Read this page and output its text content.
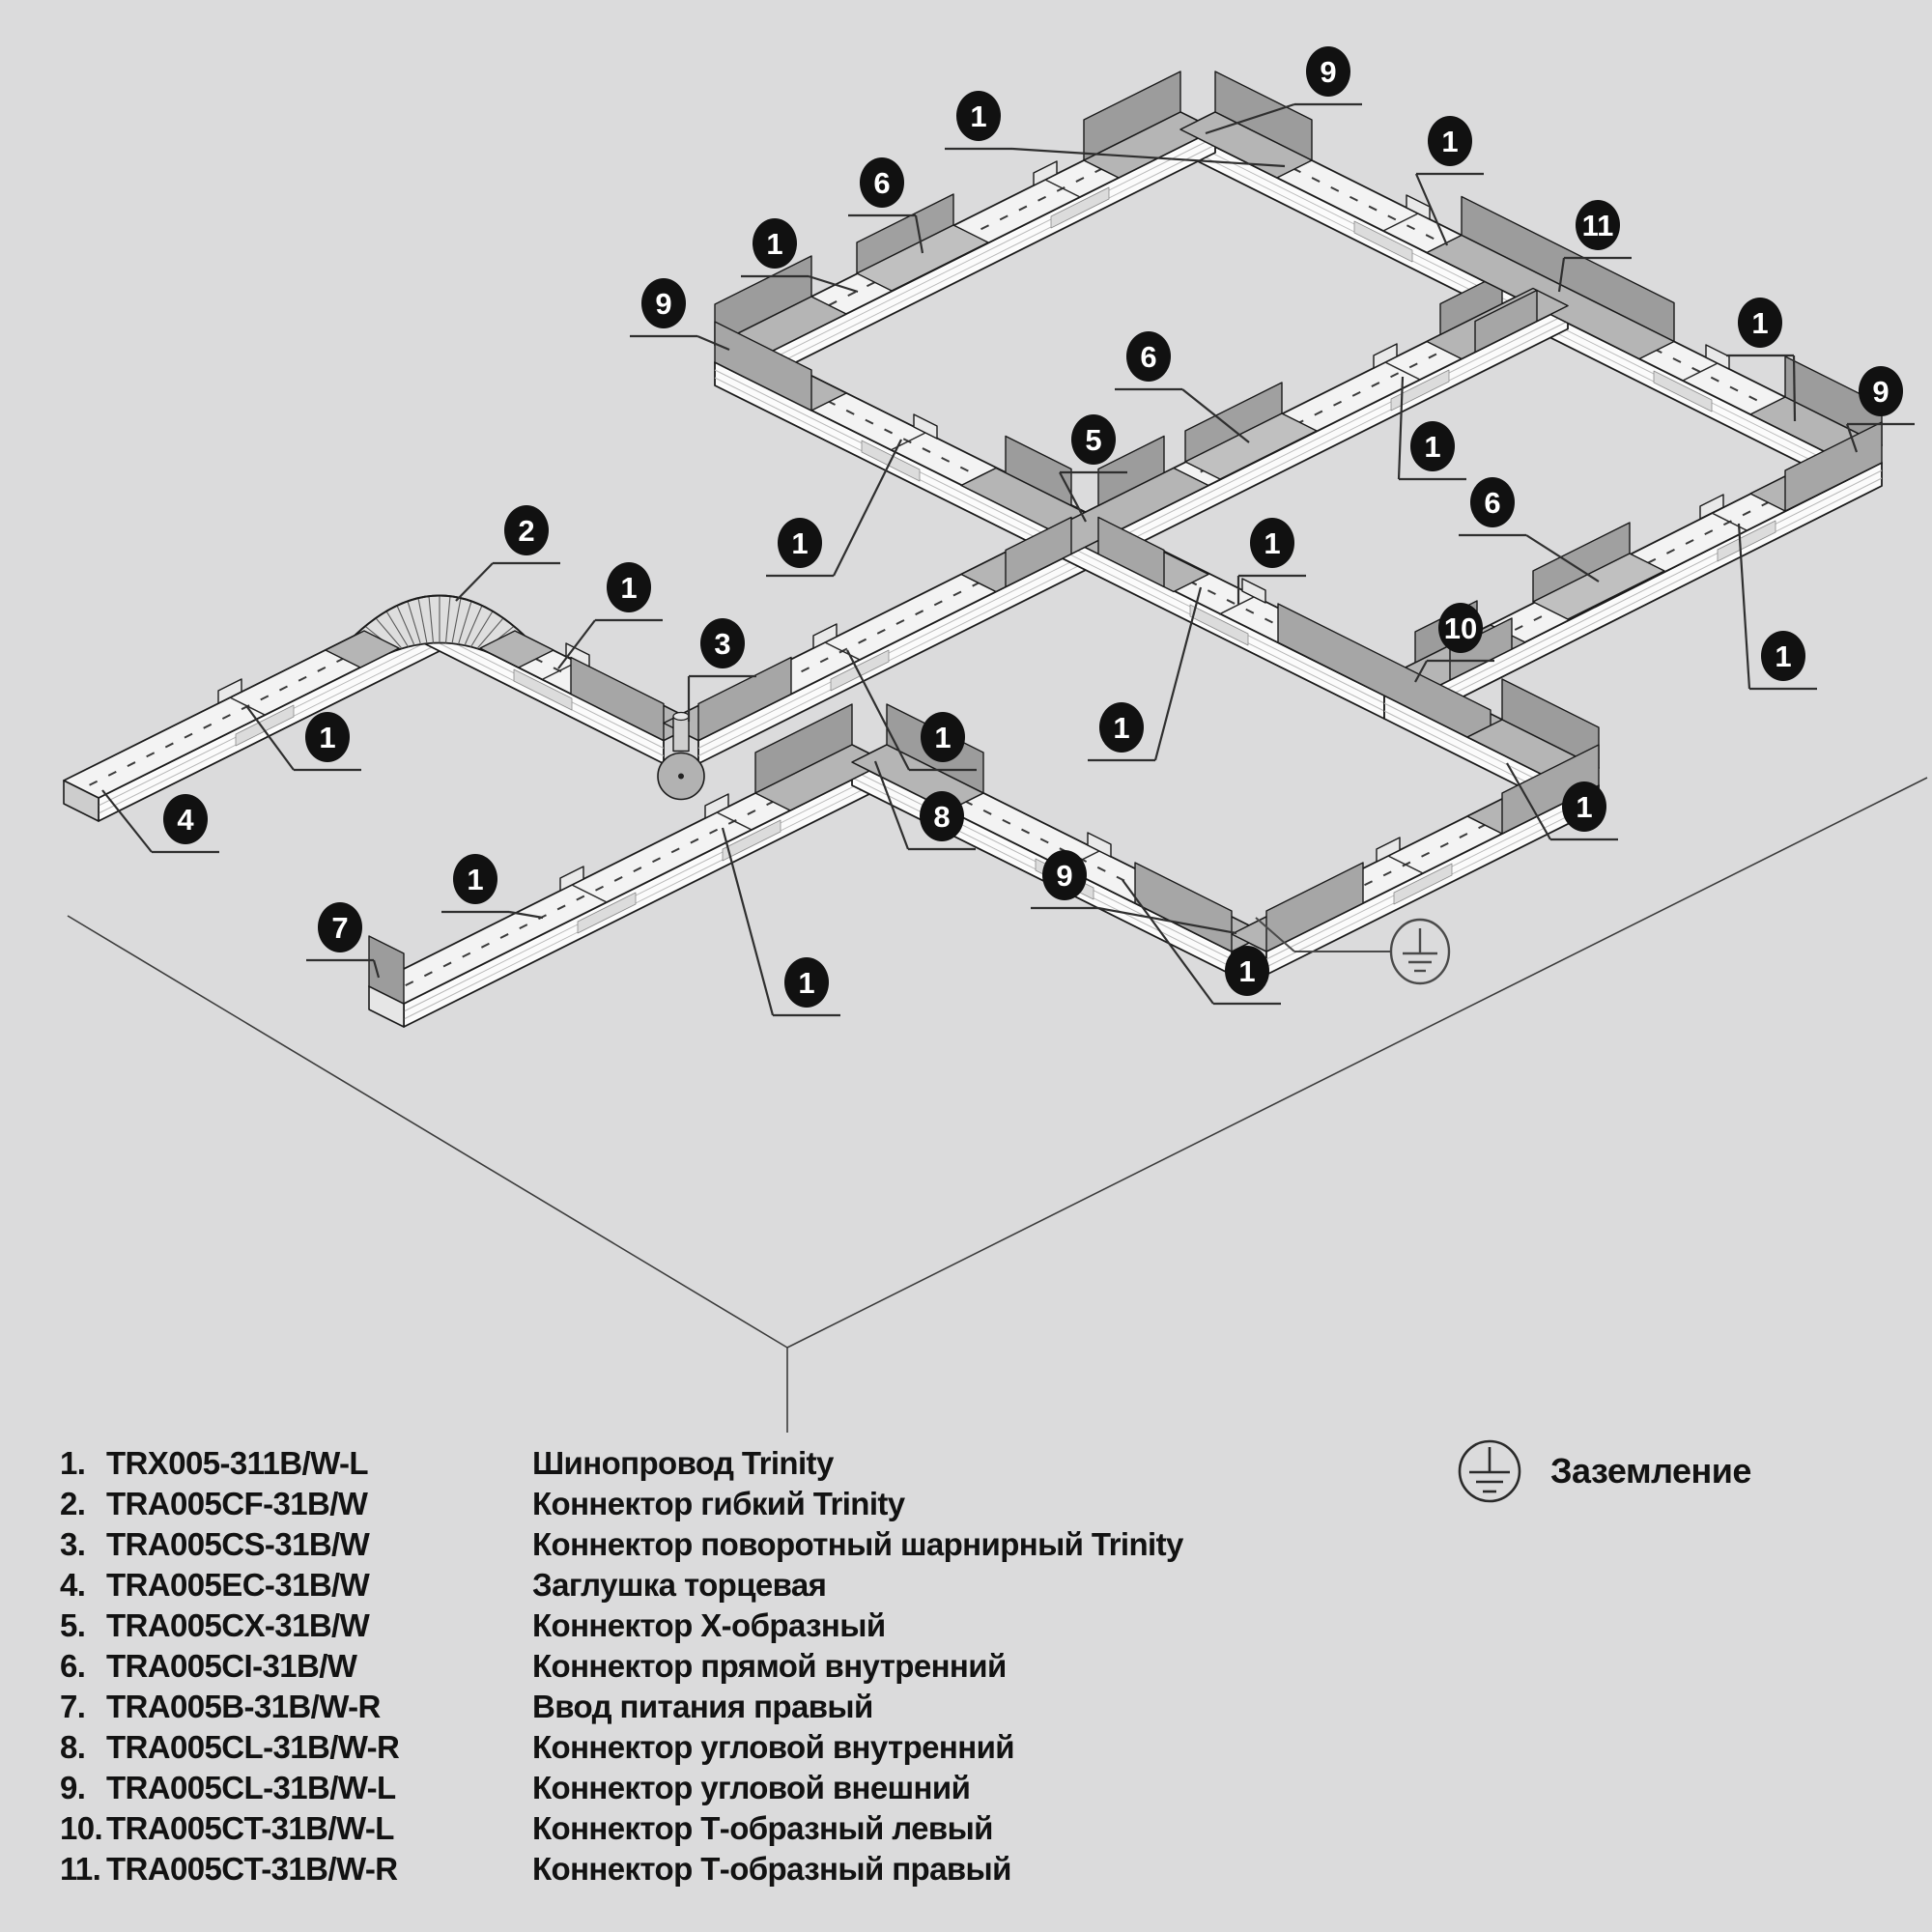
9
1
1
6
11
1
9
1
6
9
5	1
2	1	1
6
1
3	10
1
1	1	1
1
4	8
1	9
7
1	1
1. TRX005-311B/W-L	Шинопровод Trinity
2. TRA005CF-31B/W	Коннектор гибкий Trinity
3. TRA005CS-31B/W	Коннектор поворотный шарнирный Trinity
4. TRA005EC-31B/W	Заглушка торцевая
5. TRA005CX-31B/W	Коннектор Х-образный
6. TRA005CI-31B/W	Коннектор прямой внутренний
7. TRA005B-31B/W-R	Ввод питания правый
8. TRA005CL-31B/W-R	Коннектор угловой внутренний
9. TRA005CL-31B/W-L	Коннектор угловой внешний
10. TRA005CT-31B/W-L	Коннектор Т-образный левый
11. TRA005CT-31B/W-R	Коннектор Т-образный правый
Заземление
